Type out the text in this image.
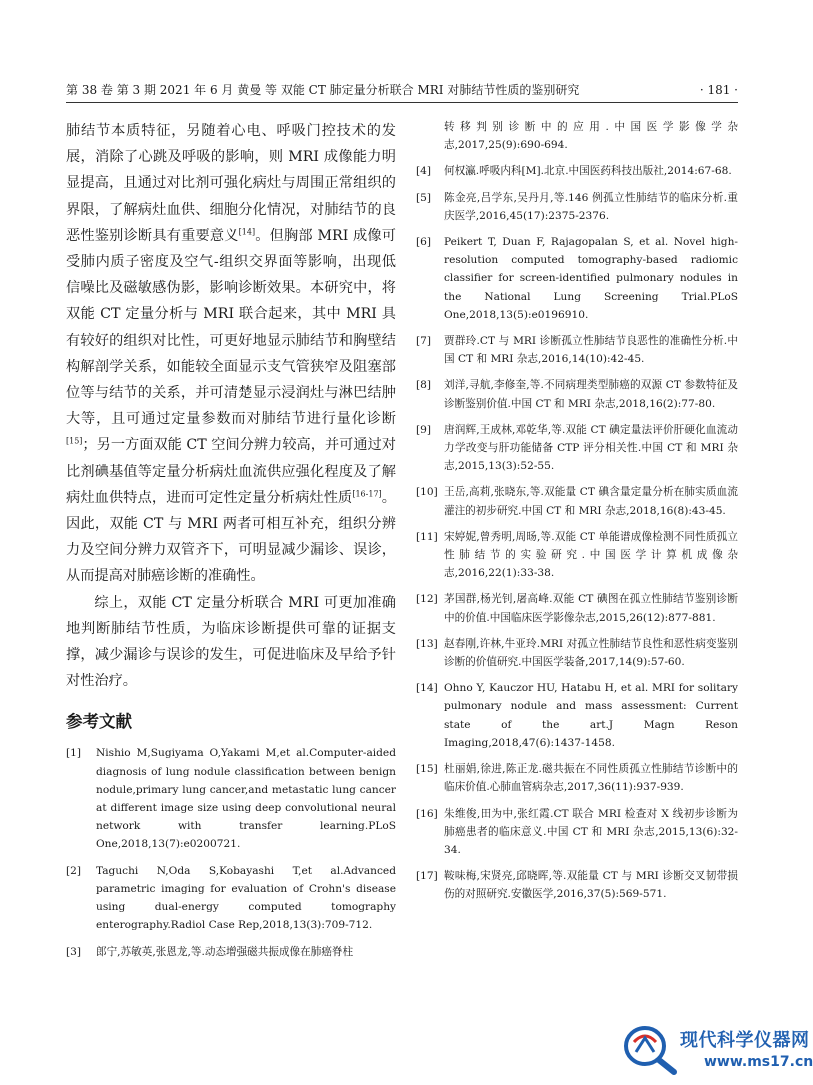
第 38 卷 第 3 期 2021 年 6 月 黄曼 等 双能 CT 肺定量分析联合 MRI 对肺结节性质的鉴别研究	· 181 ·

肺结节本质特征，另随着心电、呼吸门控技术的发展，消除了心跳及呼吸的影响，则 MRI 成像能力明显提高，且通过对比剂可强化病灶与周围正常组织的界限，了解病灶血供、细胞分化情况，对肺结节的良恶性鉴别诊断具有重要意义[14]。但胸部 MRI 成像可受肺内质子密度及空气-组织交界面等影响，出现低信噪比及磁敏感伪影，影响诊断效果。本研究中，将双能 CT 定量分析与 MRI 联合起来，其中 MRI 具有较好的组织对比性，可更好地显示肺结节和胸壁结构解剖学关系，如能较全面显示支气管狭窄及阻塞部位等与结节的关系，并可清楚显示浸润灶与淋巴结肿大等，且可通过定量参数而对肺结节进行量化诊断[15]；另一方面双能 CT 空间分辨力较高，并可通过对比剂碘基值等定量分析病灶血流供应强化程度及了解病灶血供特点，进而可定性定量分析病灶性质[16-17]。因此，双能 CT 与 MRI 两者可相互补充，组织分辨力及空间分辨力双管齐下，可明显减少漏诊、误诊，从而提高对肺癌诊断的准确性。

综上，双能 CT 定量分析联合 MRI 可更加准确地判断肺结节性质，为临床诊断提供可靠的证据支撑，减少漏诊与误诊的发生，可促进临床及早给予针对性治疗。

参考文献
[1] Nishio M,Sugiyama O,Yakami M,et al.Computer-aided diagnosis of lung nodule classification between benign nodule,primary lung cancer,and metastatic lung cancer at different image size using deep convolutional neural network with transfer learning.PLoS One,2018,13(7):e0200721.
[2] Taguchi N,Oda S,Kobayashi T,et al.Advanced parametric imaging for evaluation of Crohn's disease using dual-energy computed tomography enterography.Radiol Case Rep,2018,13(3):709-712.
[3] 郎宁,苏敏英,张恩龙,等.动态增强磁共振成像在肺癌脊柱
转移判别诊断中的应用.中国医学影像学杂志,2017,25(9):690-694.
[4] 何权瀛.呼吸内科[M].北京.中国医药科技出版社,2014:67-68.
[5] 陈金亮,吕学东,吴丹月,等.146 例孤立性肺结节的临床分析.重庆医学,2016,45(17):2375-2376.
[6] Peikert T, Duan F, Rajagopalan S, et al. Novel high-resolution computed tomography-based radiomic classifier for screen-identified pulmonary nodules in the National Lung Screening Trial.PLoS One,2018,13(5):e0196910.
[7] 贾群玲.CT 与 MRI 诊断孤立性肺结节良恶性的准确性分析.中国 CT 和 MRI 杂志,2016,14(10):42-45.
[8] 刘洋,寻航,李修奎,等.不同病理类型肺癌的双源 CT 参数特征及诊断鉴别价值.中国 CT 和 MRI 杂志,2018,16(2):77-80.
[9] 唐润辉,王成林,邓乾华,等.双能 CT 碘定量法评价肝硬化血流动力学改变与肝功能储备 CTP 评分相关性.中国 CT 和 MRI 杂志,2015,13(3):52-55.
[10] 王岳,高莉,张晓东,等.双能量 CT 碘含量定量分析在肺实质血流灌注的初步研究.中国 CT 和 MRI 杂志,2018,16(8):43-45.
[11] 宋婷妮,曾秀明,周旸,等.双能 CT 单能谱成像检测不同性质孤立性肺结节的实验研究.中国医学计算机成像杂志,2016,22(1):33-38.
[12] 茅国群,杨光钊,屠高峰.双能 CT 碘图在孤立性肺结节鉴别诊断中的价值.中国临床医学影像杂志,2015,26(12):877-881.
[13] 赵春刚,许林,牛亚玲.MRI 对孤立性肺结节良性和恶性病变鉴别诊断的价值研究.中国医学装备,2017,14(9):57-60.
[14] Ohno Y, Kauczor HU, Hatabu H, et al. MRI for solitary pulmonary nodule and mass assessment: Current state of the art.J Magn Reson Imaging,2018,47(6):1437-1458.
[15] 杜丽娟,徐进,陈正龙.磁共振在不同性质孤立性肺结节诊断中的临床价值.心肺血管病杂志,2017,36(11):937-939.
[16] 朱维俊,田为中,张红霞.CT 联合 MRI 检查对 X 线初步诊断为肺癌患者的临床意义.中国 CT 和 MRI 杂志,2015,13(6):32-34.
[17] 鞍味梅,宋贤亮,邱晓晖,等.双能量 CT 与 MRI 诊断交叉韧带损伤的对照研究.安徽医学,2016,37(5):569-571.
现代科学仪器网
www.ms17.cn
